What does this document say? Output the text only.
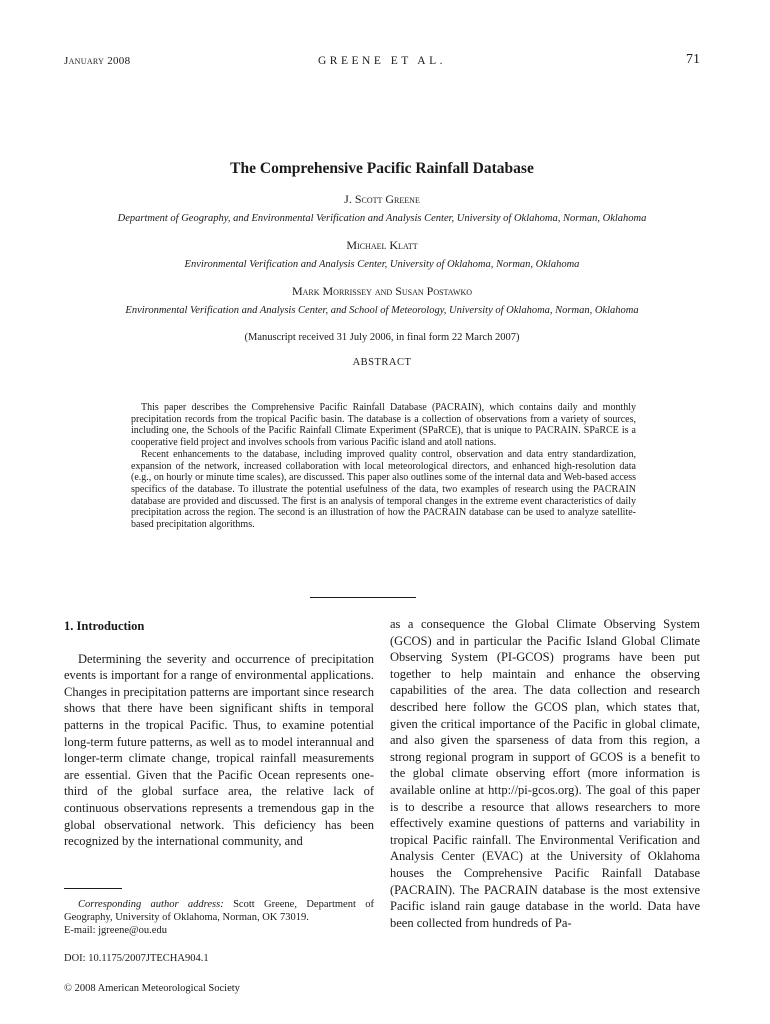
January 2008	GREENE ET AL.	71
The Comprehensive Pacific Rainfall Database
J. Scott Greene
Department of Geography, and Environmental Verification and Analysis Center, University of Oklahoma, Norman, Oklahoma
Michael Klatt
Environmental Verification and Analysis Center, University of Oklahoma, Norman, Oklahoma
Mark Morrissey and Susan Postawko
Environmental Verification and Analysis Center, and School of Meteorology, University of Oklahoma, Norman, Oklahoma
(Manuscript received 31 July 2006, in final form 22 March 2007)
ABSTRACT

This paper describes the Comprehensive Pacific Rainfall Database (PACRAIN), which contains daily and monthly precipitation records from the tropical Pacific basin. The database is a collection of observations from a variety of sources, including one, the Schools of the Pacific Rainfall Climate Experiment (SPaRCE), that is unique to PACRAIN. SPaRCE is a cooperative field project and involves schools from various Pacific island and atoll nations.

Recent enhancements to the database, including improved quality control, observation and data entry standardization, expansion of the network, increased collaboration with local meteorological directors, and enhanced high-resolution data (e.g., on hourly or minute time scales), are discussed. This paper also outlines some of the internal data and Web-based access specifics of the database. To illustrate the potential usefulness of the data, two examples of research using the PACRAIN database are provided and discussed. The first is an analysis of temporal changes in the extreme event characteristics of daily precipitation across the region. The second is an illustration of how the PACRAIN database can be used to analyze satellite-based precipitation algorithms.

1. Introduction

Determining the severity and occurrence of precipitation events is important for a range of environmental applications. Changes in precipitation patterns are important since research shows that there have been significant shifts in temporal patterns in the tropical Pacific. Thus, to examine potential long-term future patterns, as well as to model interannual and longer-term climate change, tropical rainfall measurements are essential. Given that the Pacific Ocean represents one-third of the global surface area, the relative lack of continuous observations represents a tremendous gap in the global observational network. This deficiency has been recognized by the international community, and

as a consequence the Global Climate Observing System (GCOS) and in particular the Pacific Island Global Climate Observing System (PI-GCOS) programs have been put together to help maintain and enhance the observing capabilities of the area. The data collection and research described here follow the GCOS plan, which states that, given the critical importance of the Pacific in global climate, and also given the sparseness of data from this region, a strong regional program in support of GCOS is a benefit to the global climate observing effort (more information is available online at http://pi-gcos.org). The goal of this paper is to describe a resource that allows researchers to more effectively examine questions of patterns and variability in tropical Pacific rainfall. The Environmental Verification and Analysis Center (EVAC) at the University of Oklahoma houses the Comprehensive Pacific Rainfall Database (PACRAIN). The PACRAIN database is the most extensive Pacific island rain gauge database in the world. Data have been collected from hundreds of Pa-

Corresponding author address: Scott Greene, Department of Geography, University of Oklahoma, Norman, OK 73019.

E-mail: jgreene@ou.edu
DOI: 10.1175/2007JTECHA904.1
© 2008 American Meteorological Society
